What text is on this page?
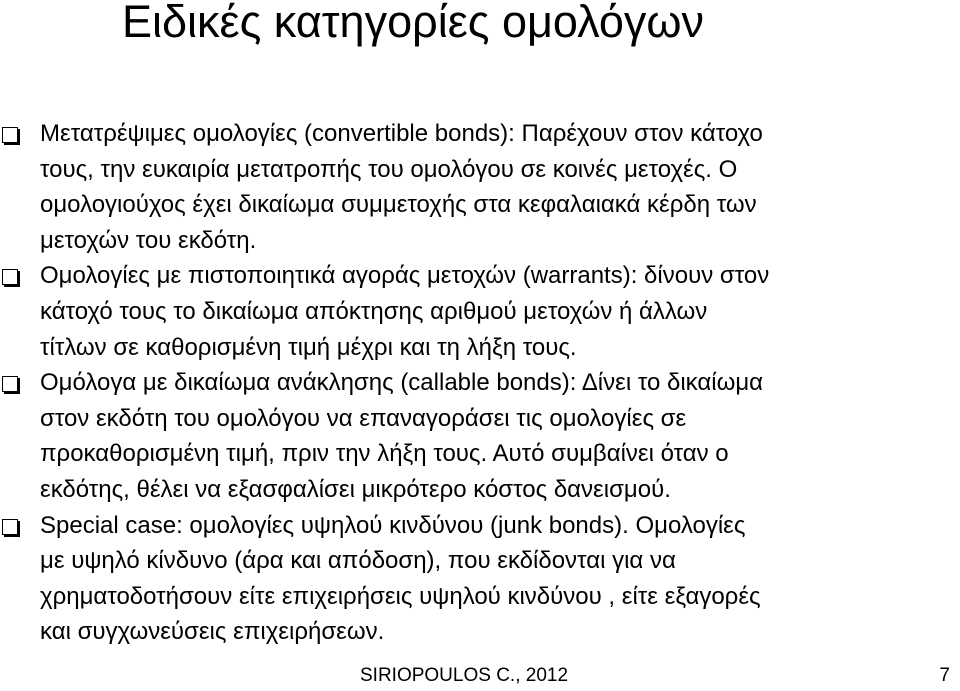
Ειδικές κατηγορίες ομολόγων
Μετατρέψιμες ομολογίες (convertible bonds): Παρέχουν στον κάτοχο
τους, την ευκαιρία μετατροπής του ομολόγου σε κοινές μετοχές. Ο
ομολογιούχος έχει δικαίωμα συμμετοχής στα κεφαλαιακά κέρδη των
μετοχών του εκδότη.
Ομολογίες με πιστοποιητικά αγοράς μετοχών (warrants): δίνουν στον
κάτοχό τους το δικαίωμα απόκτησης αριθμού μετοχών ή άλλων
τίτλων σε καθορισμένη τιμή μέχρι και τη λήξη τους.
Ομόλογα με δικαίωμα ανάκλησης (callable bonds): Δίνει το δικαίωμα
στον εκδότη του ομολόγου να επαναγοράσει τις ομολογίες σε
προκαθορισμένη τιμή, πριν την λήξη τους. Αυτό συμβαίνει όταν ο
εκδότης, θέλει να εξασφαλίσει μικρότερο κόστος δανεισμού.
Special case: ομολογίες υψηλού κινδύνου (junk bonds). Ομολογίες
με υψηλό κίνδυνο (άρα και απόδοση), που εκδίδονται για να
χρηματοδοτήσουν είτε επιχειρήσεις υψηλού κινδύνου , είτε εξαγορές
και συγχωνεύσεις επιχειρήσεων.
SIRIOPOULOS C., 2012	7
